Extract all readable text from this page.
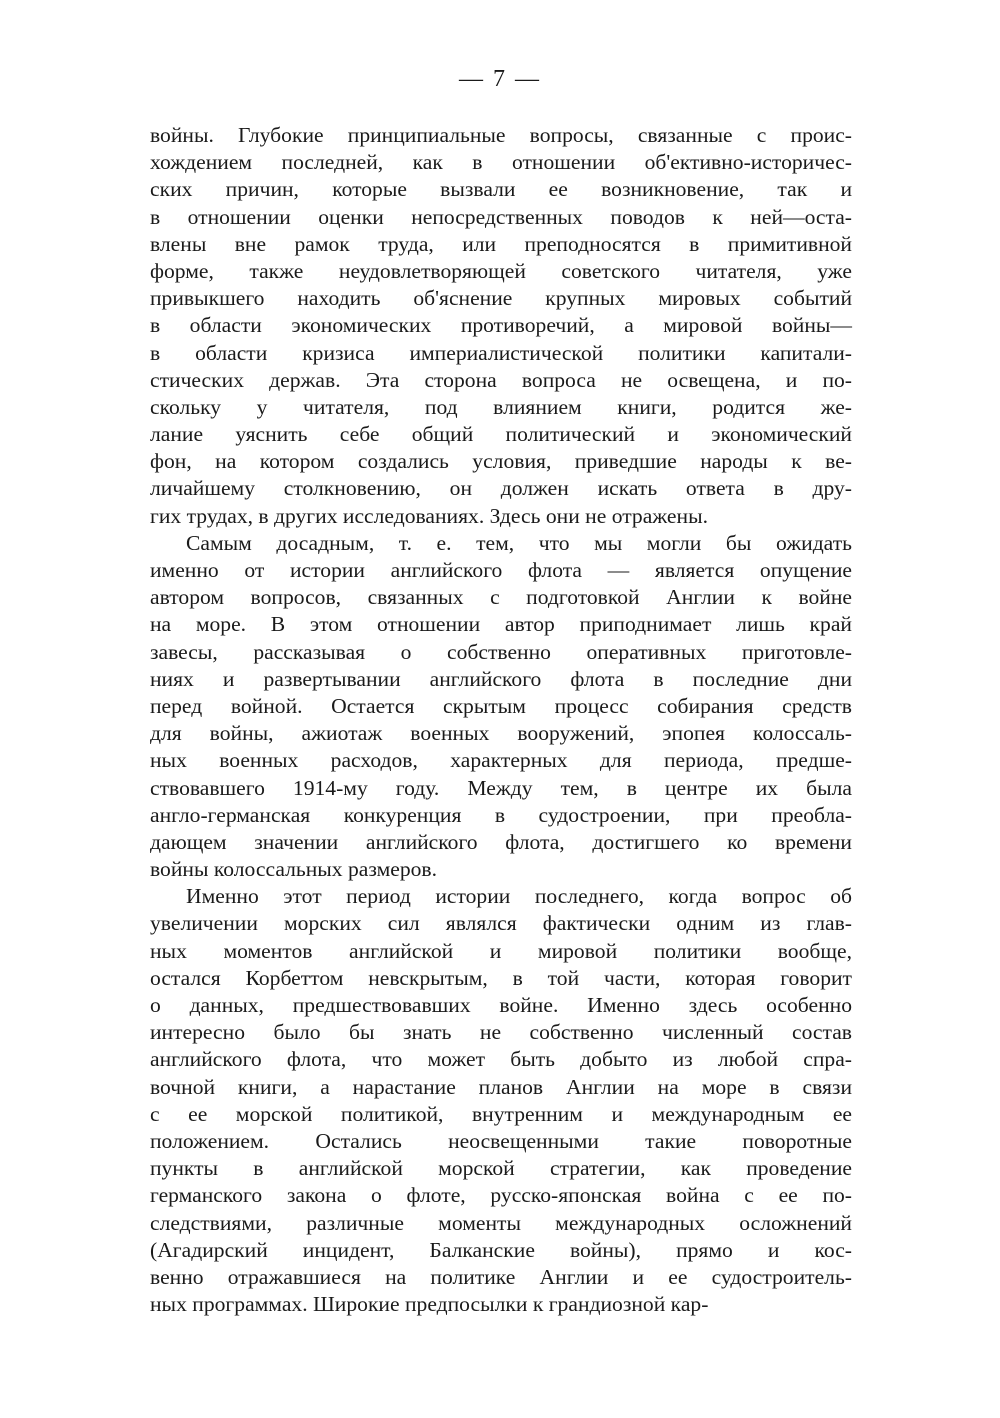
— 7 —
войны. Глубокие принципиальные вопросы, связанные с проис-
хождением последней, как в отношении об'ективно-историчес-
ских причин, которые вызвали ее возникновение, так и
в отношении оценки непосредственных поводов к ней—оста-
влены вне рамок труда, или преподносятся в примитивной
форме, также неудовлетворяющей советского читателя, уже
привыкшего находить об'яснение крупных мировых событий
в области экономических противоречий, а мировой войны—
в области кризиса империалистической политики капитали-
стических держав. Эта сторона вопроса не освещена, и по-
скольку у читателя, под влиянием книги, родится же-
лание уяснить себе общий политический и экономический
фон, на котором создались условия, приведшие народы к ве-
личайшему столкновению, он должен искать ответа в дру-
гих трудах, в других исследованиях. Здесь они не отражены.
Самым досадным, т. е. тем, что мы могли бы ожидать
именно от истории английского флота — является опущение
автором вопросов, связанных с подготовкой Англии к войне
на море. В этом отношении автор приподнимает лишь край
завесы, рассказывая о собственно оперативных приготовле-
ниях и развертывании английского флота в последние дни
перед войной. Остается скрытым процесс собирания средств
для войны, ажиотаж военных вооружений, эпопея колоссаль-
ных военных расходов, характерных для периода, предше-
ствовавшего 1914-му году. Между тем, в центре их была
англо-германская конкуренция в судостроении, при преобла-
дающем значении английского флота, достигшего ко времени
войны колоссальных размеров.
Именно этот период истории последнего, когда вопрос об
увеличении морских сил являлся фактически одним из глав-
ных моментов английской и мировой политики вообще,
остался Корбеттом невскрытым, в той части, которая говорит
о данных, предшествовавших войне. Именно здесь особенно
интересно было бы знать не собственно численный состав
английского флота, что может быть добыто из любой спра-
вочной книги, а нарастание планов Англии на море в связи
с ее морской политикой, внутренним и международным ее
положением. Остались неосвещенными такие поворотные
пункты в английской морской стратегии, как проведение
германского закона о флоте, русско-японская война с ее по-
следствиями, различные моменты международных осложнений
(Агадирский инцидент, Балканские войны), прямо и кос-
венно отражавшиеся на политике Англии и ее судостроитель-
ных программах. Широкие предпосылки к грандиозной кар-
